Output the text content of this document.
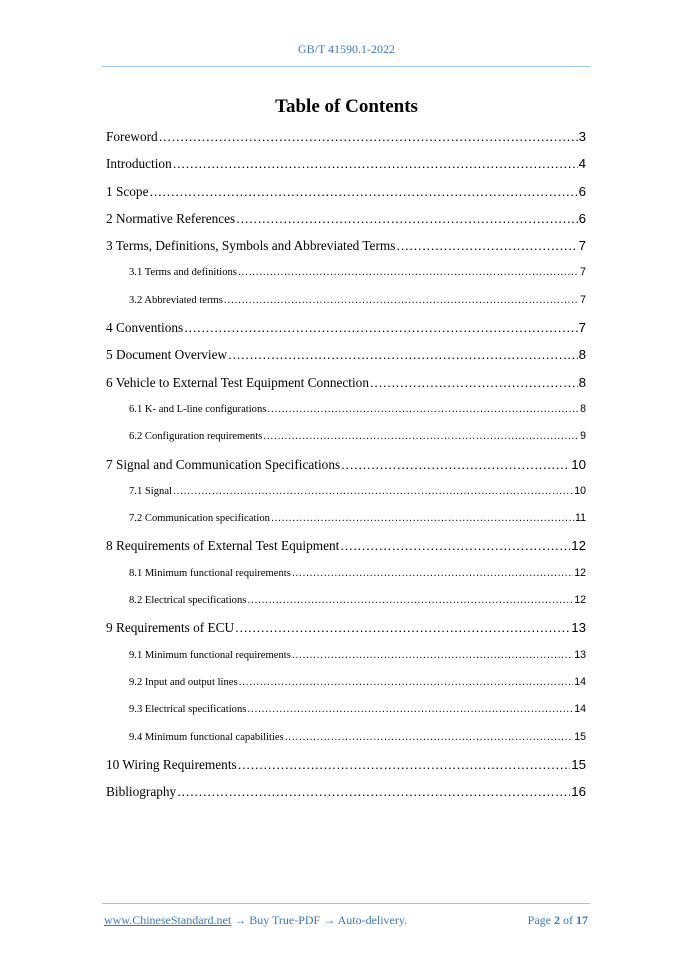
GB/T 41590.1-2022
Table of Contents
Foreword .....	3
Introduction .....	4
1 Scope .....	6
2 Normative References .....	6
3 Terms, Definitions, Symbols and Abbreviated Terms .....	7
3.1 Terms and definitions .....	7
3.2 Abbreviated terms .....	7
4 Conventions .....	7
5 Document Overview .....	8
6 Vehicle to External Test Equipment Connection .....	8
6.1 K- and L-line configurations .....	8
6.2 Configuration requirements .....	9
7 Signal and Communication Specifications .....	10
7.1 Signal .....	10
7.2 Communication specification .....	11
8 Requirements of External Test Equipment .....	12
8.1 Minimum functional requirements .....	12
8.2 Electrical specifications .....	12
9 Requirements of ECU .....	13
9.1 Minimum functional requirements .....	13
9.2 Input and output lines .....	14
9.3 Electrical specifications .....	14
9.4 Minimum functional capabilities .....	15
10 Wiring Requirements .....	15
Bibliography .....	16
www.ChineseStandard.net → Buy True-PDF → Auto-delivery.	Page 2 of 17
